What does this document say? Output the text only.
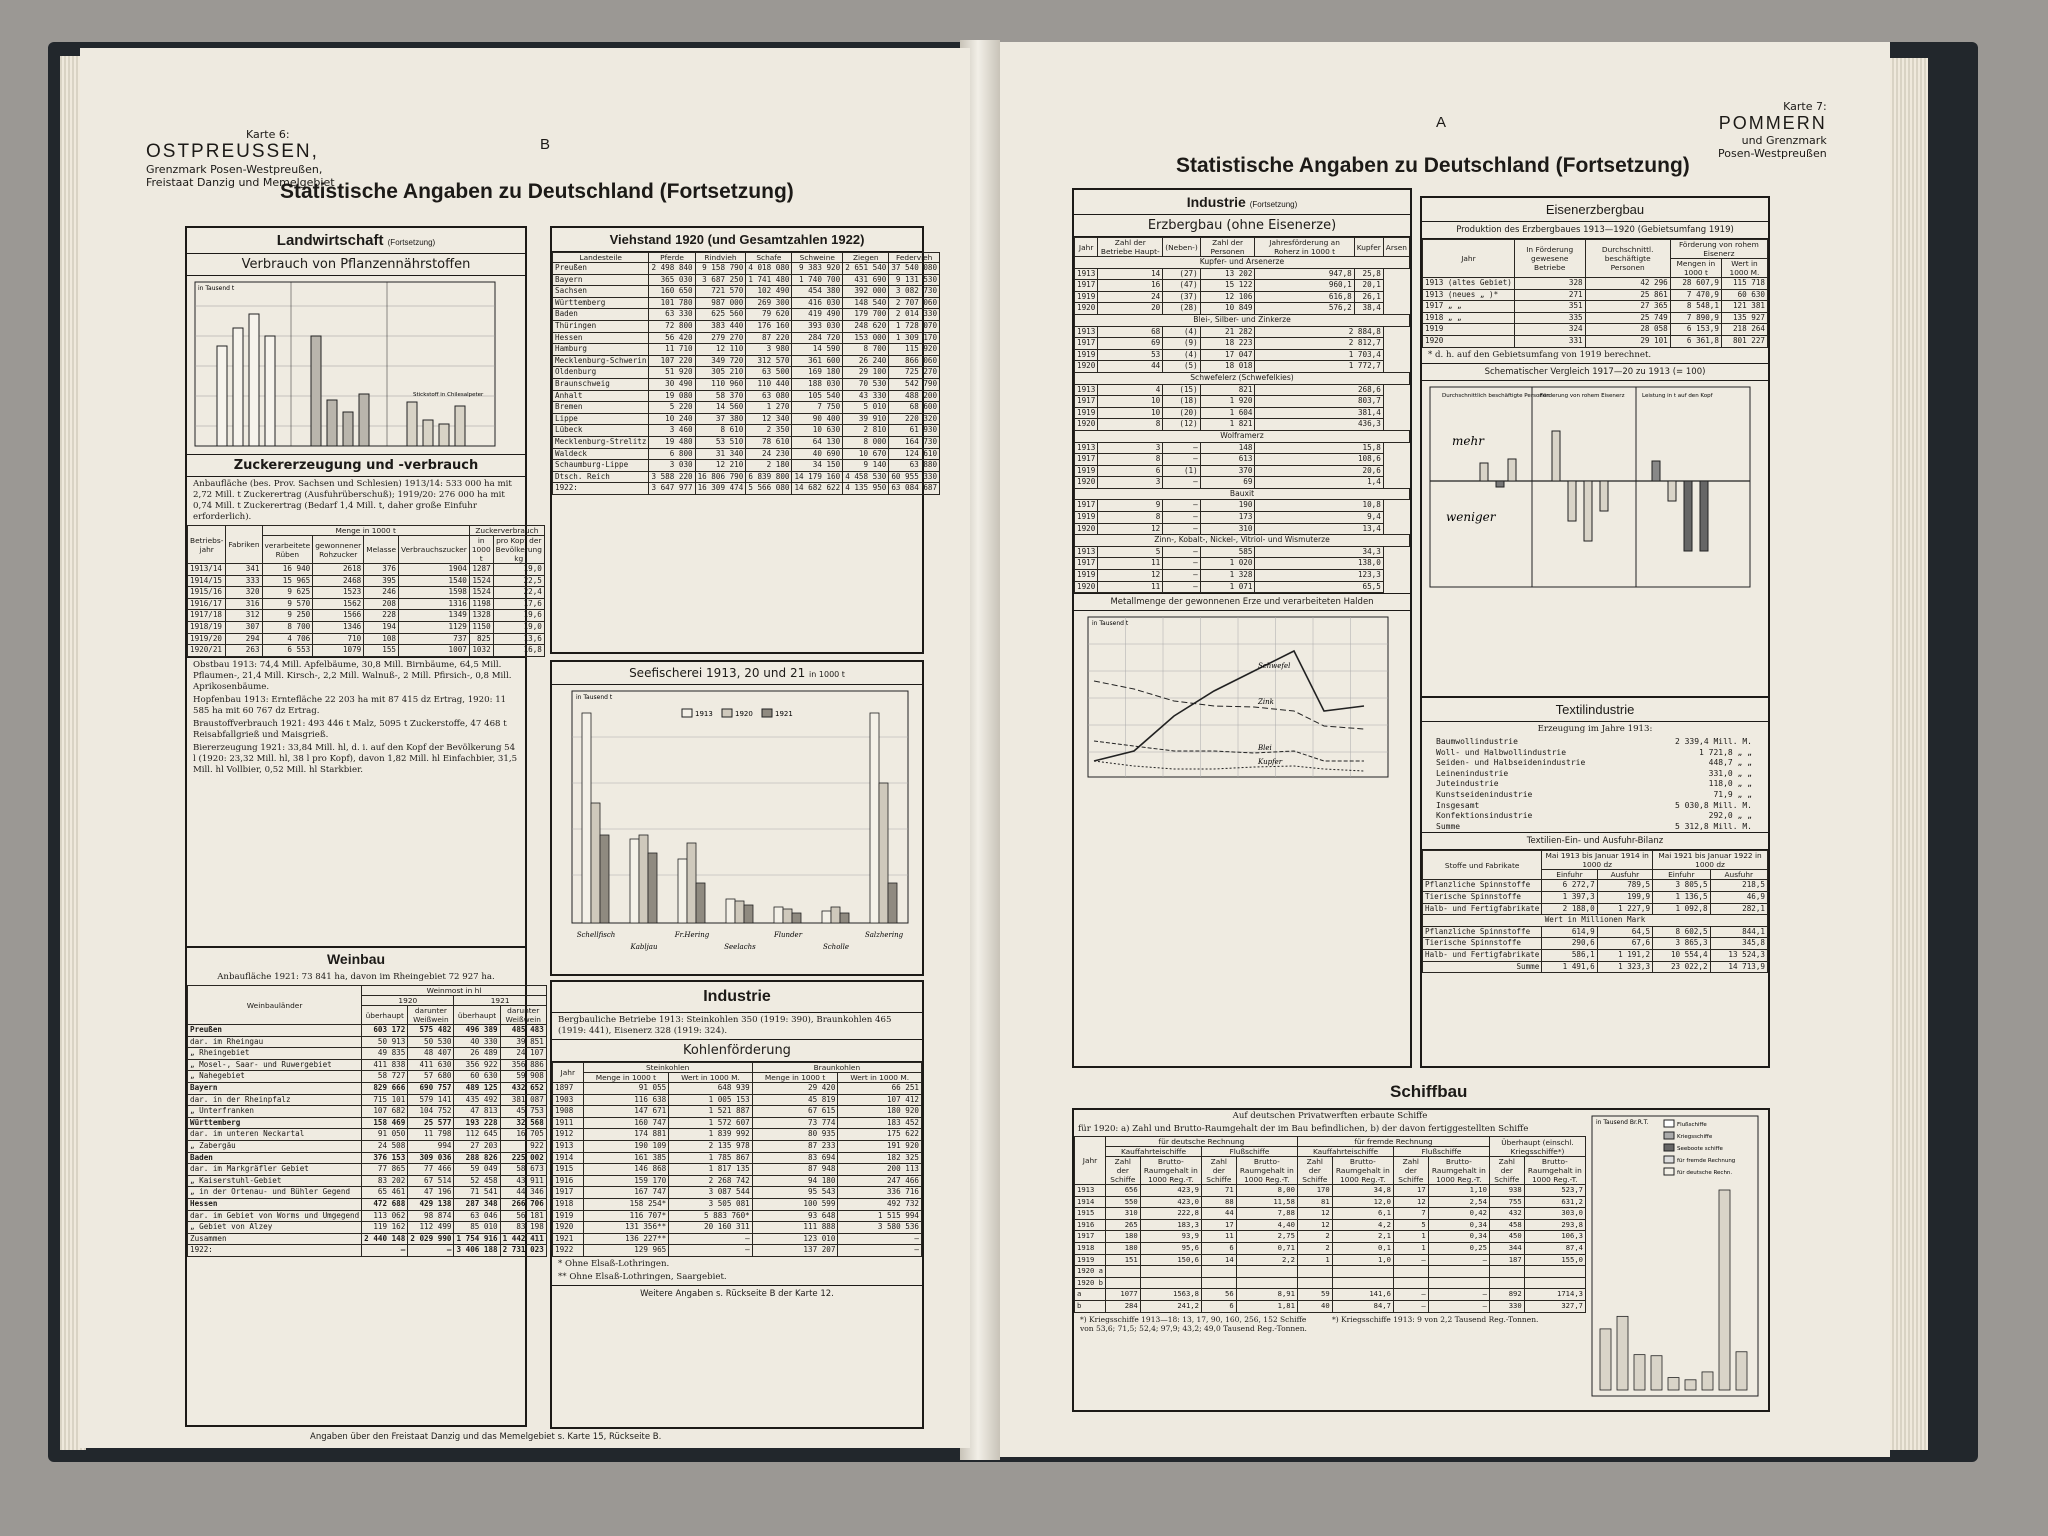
Karte 6:
OSTPREUSSEN,
Grenzmark Posen-Westpreußen,
Freistaat Danzig und Memelgebiet
B
Statistische Angaben zu Deutschland (Fortsetzung)
Landwirtschaft (Fortsetzung)
Verbrauch von Pflanzennährstoffen
in Tausend t
Stickstoff in Chilesalpeter
Zuckererzeugung und -verbrauch
Anbaufläche (bes. Prov. Sachsen und Schlesien) 1913/14: 533 000 ha mit 2,72 Mill. t Zuckerertrag (Ausfuhrüberschuß); 1919/20: 276 000 ha mit 0,74 Mill. t Zuckerertrag (Bedarf 1,4 Mill. t, daher große Einfuhr erforderlich).
Betriebs-jahr	Fabriken	Menge in 1000 t				Zuckerverbrauch	
		verarbeitete Rüben	gewonnener Rohzucker	Melasse	Verbrauchszucker	in 1000 t	pro Kopf der Bevölkerung kg
1913/14	341	16 940	2618	376	1904	1287	19,0
1914/15	333	15 965	2468	395	1540	1524	22,5
1915/16	320	9 625	1523	246	1598	1524	22,4
1916/17	316	9 570	1562	208	1316	1198	17,6
1917/18	312	9 250	1566	228	1349	1328	19,6
1918/19	307	8 700	1346	194	1129	1150	19,0
1919/20	294	4 706	710	108	737	825	13,6
1920/21	263	6 553	1079	155	1007	1032	16,8
Obstbau 1913: 74,4 Mill. Apfelbäume, 30,8 Mill. Birnbäume, 64,5 Mill. Pflaumen-, 21,4 Mill. Kirsch-, 2,2 Mill. Walnuß-, 2 Mill. Pfirsich-, 0,8 Mill. Aprikosenbäume.
Hopfenbau 1913: Erntefläche 22 203 ha mit 87 415 dz Ertrag, 1920: 11 585 ha mit 60 767 dz Ertrag.
Braustoffverbrauch 1921: 493 446 t Malz, 5095 t Zuckerstoffe, 47 468 t Reisabfallgrieß und Maisgrieß.
Biererzeugung 1921: 33,84 Mill. hl, d. i. auf den Kopf der Bevölkerung 54 l (1920: 23,32 Mill. hl, 38 l pro Kopf), davon 1,82 Mill. hl Einfachbier, 31,5 Mill. hl Vollbier, 0,52 Mill. hl Starkbier.
Weinbau
Anbaufläche 1921: 73 841 ha, davon im Rheingebiet 72 927 ha.
Weinbauländer	Weinmost in hl			
	1920		1921	
	überhaupt	darunter Weißwein	überhaupt	darunter Weißwein
Preußen	603 172	575 482	496 389	485 483
dar. im Rheingau	50 913	50 530	40 330	39 851
„ Rheingebiet	49 835	48 407	26 489	24 107
„ Mosel-, Saar- und Ruwergebiet	411 838	411 630	356 922	356 886
„ Nahegebiet	58 727	57 680	60 630	59 908
Bayern	829 666	690 757	489 125	432 652
dar. in der Rheinpfalz	715 101	579 141	435 492	381 087
„ Unterfranken	107 682	104 752	47 813	45 753
Württemberg	158 469	25 577	193 228	32 568
dar. im unteren Neckartal	91 050	11 798	112 645	16 705
„ Zabergäu	24 508	994	27 203	922
Baden	376 153	309 036	288 826	225 002
dar. im Markgräfler Gebiet	77 865	77 466	59 049	58 673
„ Kaiserstuhl-Gebiet	83 202	67 514	52 458	43 911
„ in der Ortenau- und Bühler Gegend	65 461	47 196	71 541	44 346
Hessen	472 688	429 138	287 348	266 706
dar. im Gebiet von Worms und Umgegend	113 062	98 874	63 046	56 181
„ Gebiet von Alzey	119 162	112 499	85 010	83 198
Zusammen	2 440 148	2 029 990	1 754 916	1 442 411
1922:	—	—	3 406 188	2 731 023
Viehstand 1920 (und Gesamtzahlen 1922)
Landesteile	Pferde	Rindvieh	Schafe	Schweine	Ziegen	Federvieh
Preußen	2 498 840	9 158 790	4 018 080	9 383 920	2 651 540	37 540 080
Bayern	365 030	3 687 250	1 741 480	1 740 700	431 690	9 131 530
Sachsen	160 650	721 570	102 490	454 380	392 000	3 082 730
Württemberg	101 780	987 000	269 300	416 030	148 540	2 707 060
Baden	63 330	625 560	79 620	419 490	179 700	2 014 330
Thüringen	72 800	383 440	176 160	393 030	248 620	1 728 070
Hessen	56 420	279 270	87 220	284 720	153 000	1 309 170
Hamburg	11 710	12 110	3 980	14 590	8 700	115 920
Mecklenburg-Schwerin	107 220	349 720	312 570	361 600	26 240	866 060
Oldenburg	51 920	305 210	63 500	169 180	29 100	725 270
Braunschweig	30 490	110 960	110 440	188 030	70 530	542 790
Anhalt	19 080	58 370	63 080	105 540	43 330	488 200
Bremen	5 220	14 560	1 270	7 750	5 010	68 600
Lippe	10 240	37 380	12 340	90 400	39 910	220 320
Lübeck	3 460	8 610	2 350	10 630	2 810	61 930
Mecklenburg-Strelitz	19 480	53 510	78 610	64 130	8 000	164 730
Waldeck	6 800	31 340	24 230	40 690	10 670	124 610
Schaumburg-Lippe	3 030	12 210	2 180	34 150	9 140	63 880
Dtsch. Reich	3 588 220	16 806 790	6 839 800	14 179 160	4 458 530	60 955 330
1922:	3 647 977	16 309 474	5 566 080	14 682 622	4 135 950	63 084 687
Seefischerei 1913, 20 und 21 in 1000 t
in Tausend t
1913	1920	1921
Schellfisch
Kabljau
Fr.Hering
Seelachs
Flunder
Scholle
Salzhering
Industrie
Bergbauliche Betriebe 1913: Steinkohlen 350 (1919: 390), Braunkohlen 465 (1919: 441), Eisenerz 328 (1919: 324).
Kohlenförderung
Jahr	Steinkohlen		Braunkohlen	
	Menge in 1000 t	Wert in 1000 M.	Menge in 1000 t	Wert in 1000 M.
1897	91 055	648 939	29 420	66 251
1903	116 638	1 005 153	45 819	107 412
1908	147 671	1 521 887	67 615	180 920
1911	160 747	1 572 607	73 774	183 452
1912	174 881	1 839 992	80 935	175 622
1913	190 109	2 135 978	87 233	191 920
1914	161 385	1 785 867	83 694	182 325
1915	146 868	1 817 135	87 948	200 113
1916	159 170	2 268 742	94 180	247 466
1917	167 747	3 087 544	95 543	336 716
1918	158 254*	3 505 081	100 599	492 732
1919	116 707*	5 883 760*	93 648	1 515 994
1920	131 356**	20 160 311	111 888	3 580 536
1921	136 227**	—	123 010	—
1922	129 965	—	137 207	—
* Ohne Elsaß-Lothringen.
** Ohne Elsaß-Lothringen, Saargebiet.
Weitere Angaben s. Rückseite B der Karte 12.
Angaben über den Freistaat Danzig und das Memelgebiet s. Karte 15, Rückseite B.
A
Karte 7:
POMMERN
und Grenzmark
Posen-Westpreußen
Statistische Angaben zu Deutschland (Fortsetzung)
Industrie (Fortsetzung)
Erzbergbau (ohne Eisenerze)
Jahr	Zahl der Betriebe Haupt-	(Neben-)	Zahl der Personen	Jahresförderung an Roherz in 1000 t	Kupfer	Arsen
Kupfer- und Arsenerze						
1913	14	(27)	13 202	947,8	25,8	
1917	16	(47)	15 122	960,1	20,1	
1919	24	(37)	12 106	616,8	26,1	
1920	20	(28)	10 849	576,2	38,4	
Blei-, Silber- und Zinkerze						
1913	68	(4)	21 282	2 884,8		
1917	69	(9)	18 223	2 812,7		
1919	53	(4)	17 047	1 703,4		
1920	44	(5)	18 018	1 772,7		
Schwefelerz (Schwefelkies)						
1913	4	(15)	821	268,6		
1917	10	(18)	1 920	803,7		
1919	10	(20)	1 604	381,4		
1920	8	(12)	1 821	436,3		
Wolframerz						
1913	3	—	148	15,8		
1917	8	—	613	108,6		
1919	6	(1)	370	20,6		
1920	3	—	69	1,4		
Bauxit						
1917	9	—	190	10,8		
1919	8	—	173	9,4		
1920	12	—	310	13,4		
Zinn-, Kobalt-, Nickel-, Vitriol- und Wismuterze						
1913	5	—	585	34,3		
1917	11	—	1 020	138,0		
1919	12	—	1 328	123,3		
1920	11	—	1 071	65,5		
Metallmenge der gewonnenen Erze und verarbeiteten Halden
in Tausend t
Schwefel
Zink
Blei
Kupfer
Eisenerzbergbau
Produktion des Erzbergbaues 1913—1920 (Gebietsumfang 1919)
Jahr	In Förderung gewesene Betriebe	Durchschnittl. beschäftigte Personen	Förderung von rohem Eisenerz	
			Mengen in 1000 t	Wert in 1000 M.
1913 (altes Gebiet)	328	42 296	28 607,9	115 718
1913 (neues „ )*	271	25 861	7 470,9	60 630
1917 „ „	351	27 365	8 548,1	121 381
1918 „ „	335	25 749	7 890,9	135 927
1919	324	28 058	6 153,9	218 264
1920	331	29 101	6 361,8	801 227
* d. h. auf den Gebietsumfang von 1919 berechnet.
Schematischer Vergleich 1917—20 zu 1913 (= 100)
Durchschnittlich beschäftigte Personen
Förderung von rohem Eisenerz	Leistung in t auf den Kopf
mehr
weniger
Textilindustrie
Erzeugung im Jahre 1913:
Baumwollindustrie	2 339,4 Mill. M.
Woll- und Halbwollindustrie	1 721,8 „ „
Seiden- und Halbseidenindustrie	448,7 „ „
Leinenindustrie	331,0 „ „
Juteindustrie	118,0 „ „
Kunstseidenindustrie	71,9 „ „
Insgesamt	5 030,8 Mill. M.
Konfektionsindustrie	292,0 „ „
Summe	5 312,8 Mill. M.
Textilien-Ein- und Ausfuhr-Bilanz
Stoffe und Fabrikate	Mai 1913 bis Januar 1914 in 1000 dz		Mai 1921 bis Januar 1922 in 1000 dz	
	Einfuhr	Ausfuhr	Einfuhr	Ausfuhr
Pflanzliche Spinnstoffe	6 272,7	789,5	3 805,5	218,5
Tierische Spinnstoffe	1 397,3	199,9	1 136,5	46,9
Halb- und Fertigfabrikate	2 188,0	1 227,9	1 092,8	282,1
Wert in Millionen Mark				
Pflanzliche Spinnstoffe	614,9	64,5	8 602,5	844,1
Tierische Spinnstoffe	290,6	67,6	3 865,3	345,8
Halb- und Fertigfabrikate	586,1	1 191,2	10 554,4	13 524,3
Summe	1 491,6	1 323,3	23 022,2	14 713,9
Schiffbau
Auf deutschen Privatwerften erbaute Schiffe
für 1920: a) Zahl und Brutto-Raumgehalt der im Bau befindlichen, b) der davon fertiggestellten Schiffe
Jahr	für deutsche Rechnung				für fremde Rechnung				Überhaupt (einschl. Kriegsschiffe*)	
	Kauffahrteischiffe		Flußschiffe		Kauffahrteischiffe		Flußschiffe			
	Zahl der Schiffe	Brutto-Raumgehalt in 1000 Reg.-T.	Zahl der Schiffe	Brutto-Raumgehalt in 1000 Reg.-T.	Zahl der Schiffe	Brutto-Raumgehalt in 1000 Reg.-T.	Zahl der Schiffe	Brutto-Raumgehalt in 1000 Reg.-T.	Zahl der Schiffe	Brutto-Raumgehalt in 1000 Reg.-T.
1913	656	423,9	71	8,00	170	34,8	17	1,10	938	523,7
1914	550	423,0	88	11,58	81	12,0	12	2,54	755	631,2
1915	310	222,8	44	7,88	12	6,1	7	0,42	432	303,0
1916	265	183,3	17	4,40	12	4,2	5	0,34	458	293,8
1917	180	93,9	11	2,75	2	2,1	1	0,34	450	106,3
1918	180	95,6	6	0,71	2	0,1	1	0,25	344	87,4
1919	151	150,6	14	2,2	1	1,0	—	—	187	155,0
1920 a										
1920 b										
a	1077	1563,8	56	8,91	59	141,6	—	—	892	1714,3
b	284	241,2	6	1,81	40	84,7	—	—	330	327,7
*) Kriegsschiffe 1913—18: 13, 17, 90, 160, 256, 152 Schiffe von 53,6; 71,5; 52,4; 97,9; 43,2; 49,0 Tausend Reg.-Tonnen.
*) Kriegsschiffe 1913: 9 von 2,2 Tausend Reg.-Tonnen.
in Tausend Br.R.T.	Flußschiffe
Kriegsschiffe
Seeboote schiffe
für fremde Rechnung
für deutsche Rechn.
